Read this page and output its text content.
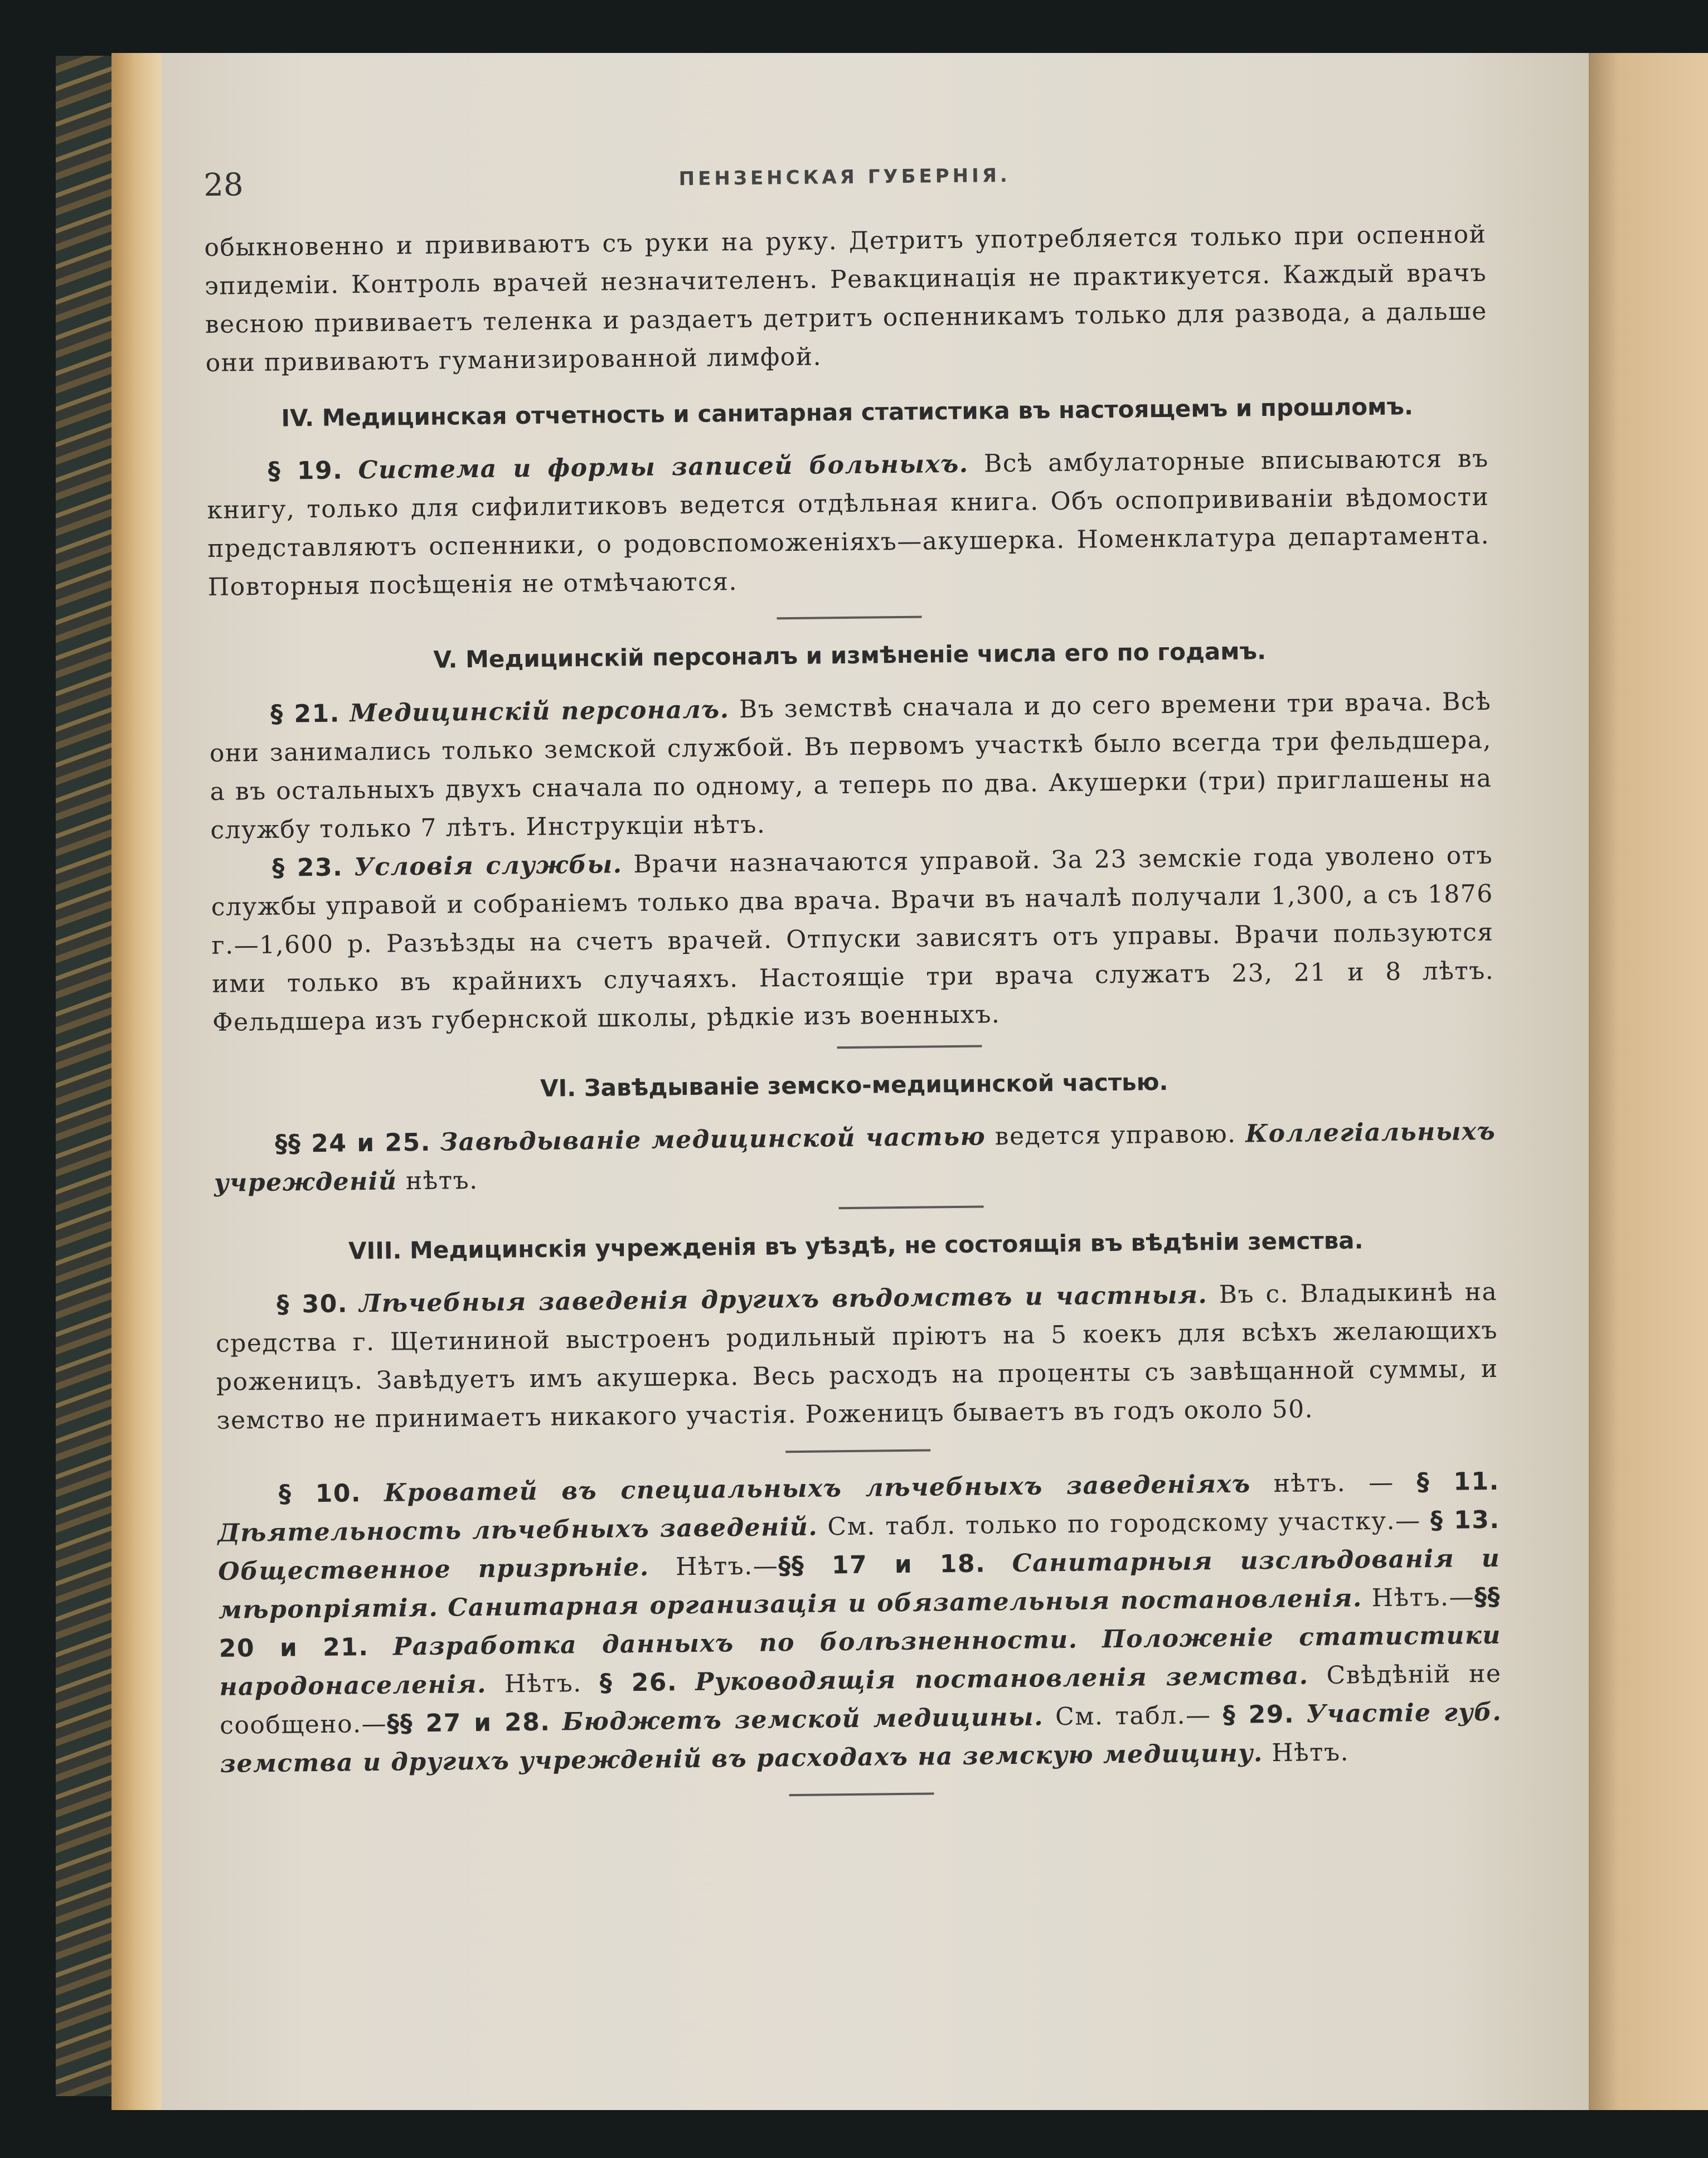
28	ПЕНЗЕНСКАЯ ГУБЕРНІЯ.

обыкновенно и прививаютъ съ руки на руку. Детритъ употребляется только при оспенной эпидеміи. Контроль врачей незначителенъ. Ревакцинація не практикуется. Каждый врачъ весною прививаетъ теленка и раздаетъ детритъ оспенникамъ только для развода, а дальше они прививаютъ гуманизированной лимфой.

IV. Медицинская отчетность и санитарная статистика въ настоящемъ и прошломъ.

§ 19. Система и формы записей больныхъ. Всѣ амбулаторные вписываются въ книгу, только для сифилитиковъ ведется отдѣльная книга. Объ оспопрививаніи вѣдомости представляютъ оспенники, о родовспоможеніяхъ—акушерка. Номенклатура департамента. Повторныя посѣщенія не отмѣчаются.

V. Медицинскій персоналъ и измѣненіе числа его по годамъ.

§ 21. Медицинскій персоналъ. Въ земствѣ сначала и до сего времени три врача. Всѣ они занимались только земской службой. Въ первомъ участкѣ было всегда три фельдшера, а въ остальныхъ двухъ сначала по одному, а теперь по два. Акушерки (три) приглашены на службу только 7 лѣтъ. Инструкціи нѣтъ.

§ 23. Условія службы. Врачи назначаются управой. За 23 земскіе года уволено отъ службы управой и собраніемъ только два врача. Врачи въ началѣ получали 1,300, а съ 1876 г.—1,600 р. Разъѣзды на счетъ врачей. Отпуски зависятъ отъ управы. Врачи пользуются ими только въ крайнихъ случаяхъ. Настоящіе три врача служатъ 23, 21 и 8 лѣтъ. Фельдшера изъ губернской школы, рѣдкіе изъ военныхъ.

VI. Завѣдываніе земско-медицинской частью.

§§ 24 и 25. Завѣдываніе медицинской частью ведется управою. Коллегіальныхъ учрежденій нѣтъ.

VIII. Медицинскія учрежденія въ уѣздѣ, не состоящія въ вѣдѣніи земства.

§ 30. Лѣчебныя заведенія другихъ вѣдомствъ и частныя. Въ с. Владыкинѣ на средства г. Щетининой выстроенъ родильный пріютъ на 5 коекъ для всѣхъ желающихъ роженицъ. Завѣдуетъ имъ акушерка. Весь расходъ на проценты съ завѣщанной суммы, и земство не принимаетъ никакого участія. Роженицъ бываетъ въ годъ около 50.

§ 10. Кроватей въ специальныхъ лѣчебныхъ заведеніяхъ нѣтъ. — § 11. Дѣятельность лѣчебныхъ заведеній. См. табл. только по городскому участку.— § 13. Общественное призрѣніе. Нѣтъ.—§§ 17 и 18. Санитарныя изслѣдованія и мѣропріятія. Санитарная организація и обязательныя постановленія. Нѣтъ.—§§ 20 и 21. Разработка данныхъ по болѣзненности. Положеніе статистики народонаселенія. Нѣтъ. § 26. Руководящія постановленія земства. Свѣдѣній не сообщено.—§§ 27 и 28. Бюджетъ земской медицины. См. табл.— § 29. Участіе губ. земства и другихъ учрежденій въ расходахъ на земскую медицину. Нѣтъ.
